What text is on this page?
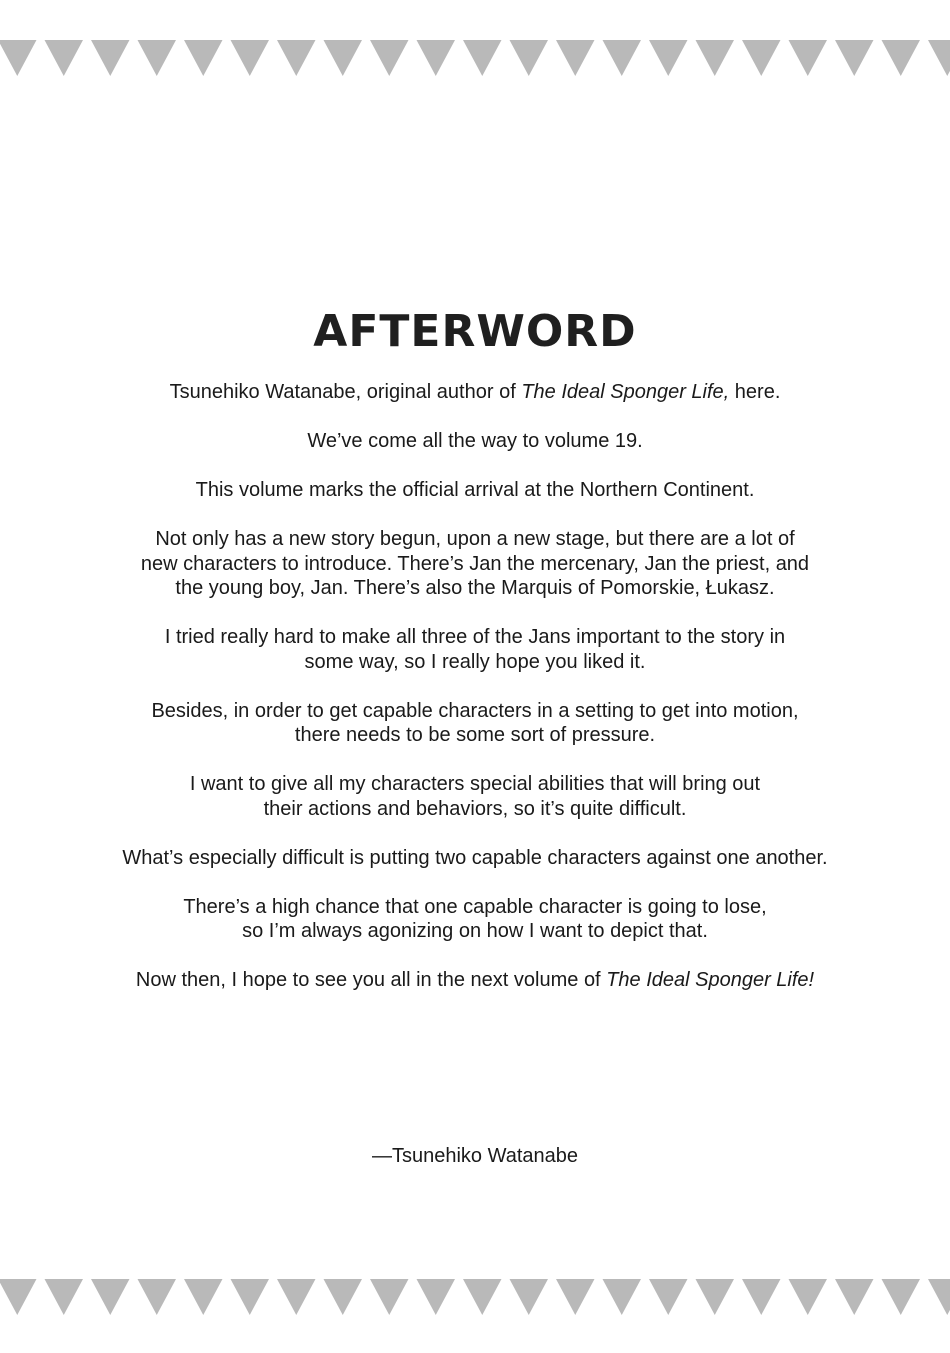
AFTERWORD

Tsunehiko Watanabe, original author of The Ideal Sponger Life, here.

We’ve come all the way to volume 19.

This volume marks the official arrival at the Northern Continent.

Not only has a new story begun, upon a new stage, but there are a lot of
new characters to introduce. There’s Jan the mercenary, Jan the priest, and
the young boy, Jan. There’s also the Marquis of Pomorskie, Łukasz.

I tried really hard to make all three of the Jans important to the story in
some way, so I really hope you liked it.

Besides, in order to get capable characters in a setting to get into motion,
there needs to be some sort of pressure.

I want to give all my characters special abilities that will bring out
their actions and behaviors, so it’s quite difficult.

What’s especially difficult is putting two capable characters against one another.

There’s a high chance that one capable character is going to lose,
so I’m always agonizing on how I want to depict that.

Now then, I hope to see you all in the next volume of The Ideal Sponger Life!

—Tsunehiko Watanabe
